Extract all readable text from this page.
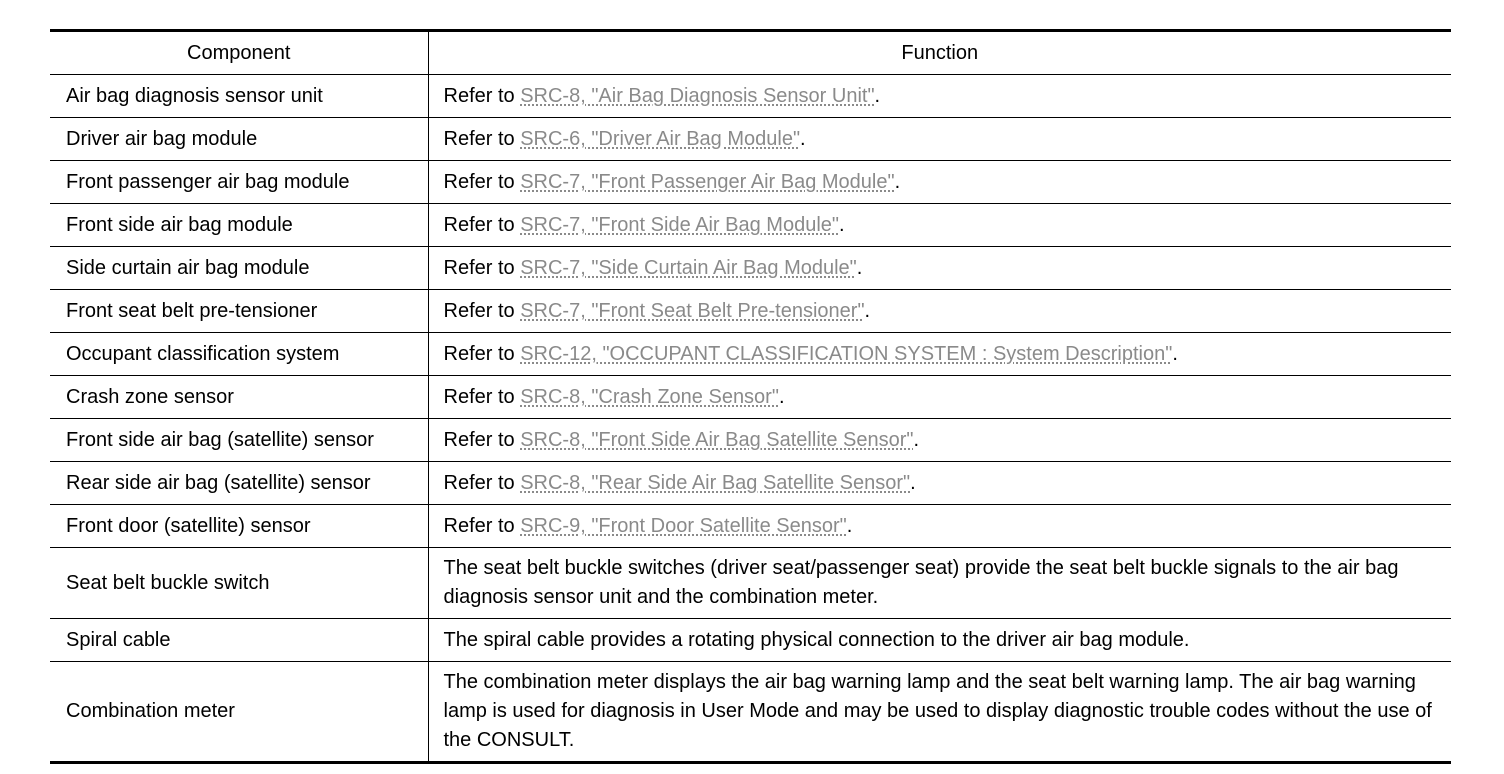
Component	Function
Air bag diagnosis sensor unit	Refer to SRC-8, "Air Bag Diagnosis Sensor Unit".
Driver air bag module	Refer to SRC-6, "Driver Air Bag Module".
Front passenger air bag module	Refer to SRC-7, "Front Passenger Air Bag Module".
Front side air bag module	Refer to SRC-7, "Front Side Air Bag Module".
Side curtain air bag module	Refer to SRC-7, "Side Curtain Air Bag Module".
Front seat belt pre-tensioner	Refer to SRC-7, "Front Seat Belt Pre-tensioner".
Occupant classification system	Refer to SRC-12, "OCCUPANT CLASSIFICATION SYSTEM : System Description".
Crash zone sensor	Refer to SRC-8, "Crash Zone Sensor".
Front side air bag (satellite) sensor	Refer to SRC-8, "Front Side Air Bag Satellite Sensor".
Rear side air bag (satellite) sensor	Refer to SRC-8, "Rear Side Air Bag Satellite Sensor".
Front door (satellite) sensor	Refer to SRC-9, "Front Door Satellite Sensor".
Seat belt buckle switch	The seat belt buckle switches (driver seat/passenger seat) provide the seat belt buckle signals to the air bag diagnosis sensor unit and the combination meter.
Spiral cable	The spiral cable provides a rotating physical connection to the driver air bag module.
Combination meter	The combination meter displays the air bag warning lamp and the seat belt warning lamp. The air bag warning lamp is used for diagnosis in User Mode and may be used to display diagnostic trouble codes without the use of the CONSULT.
